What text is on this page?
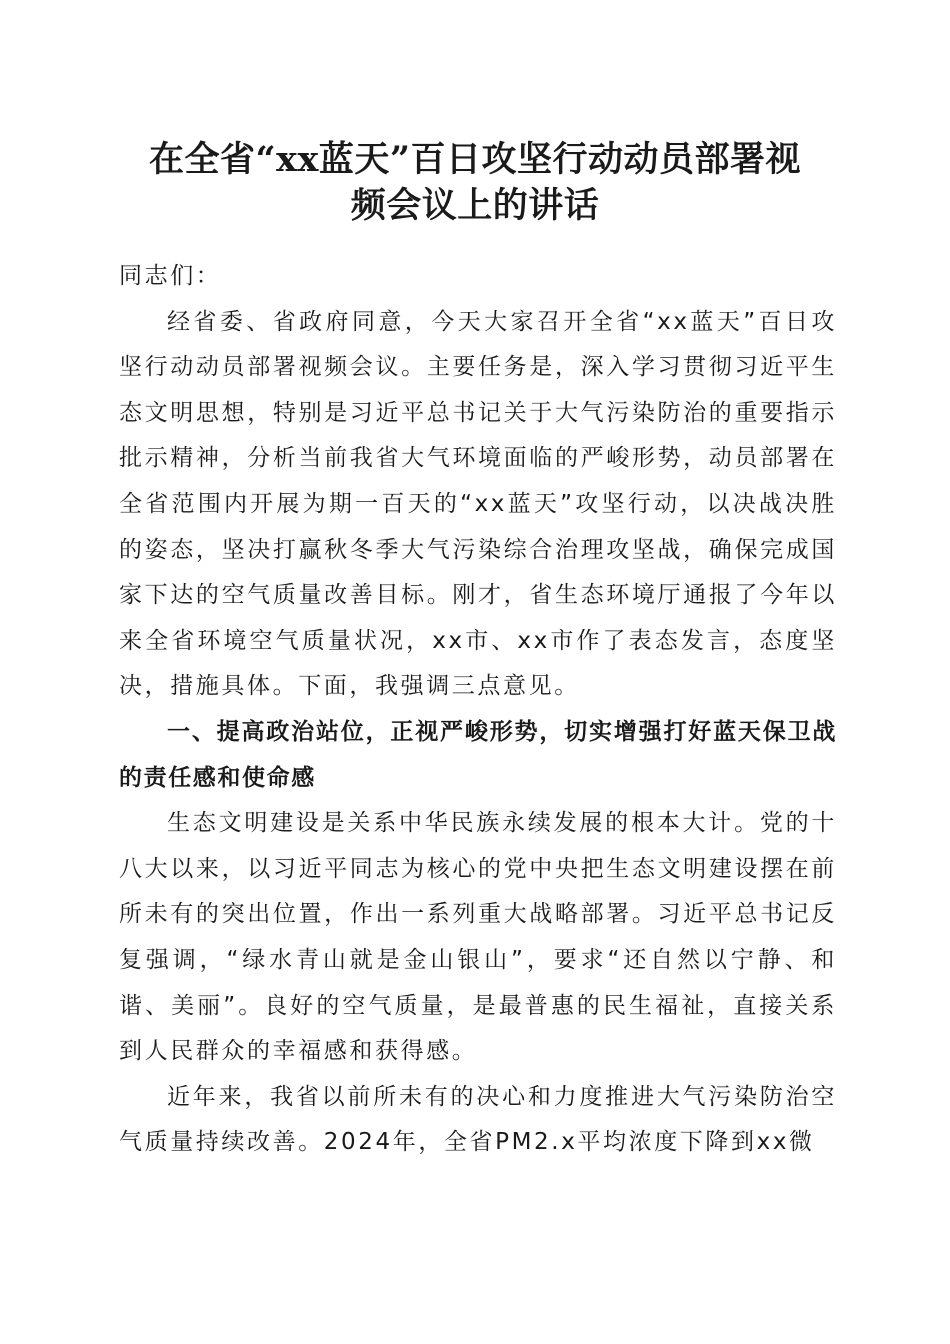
在全省“xx蓝天”百日攻坚行动动员部署视
频会议上的讲话

同志们：

经省委、省政府同意，今天大家召开全省“xx蓝天”百日攻坚行动动员部署视频会议。主要任务是，深入学习贯彻习近平生态文明思想，特别是习近平总书记关于大气污染防治的重要指示批示精神，分析当前我省大气环境面临的严峻形势，动员部署在全省范围内开展为期一百天的“xx蓝天”攻坚行动，以决战决胜的姿态，坚决打赢秋冬季大气污染综合治理攻坚战，确保完成国家下达的空气质量改善目标。刚才，省生态环境厅通报了今年以来全省环境空气质量状况，xx市、xx市作了表态发言，态度坚决，措施具体。下面，我强调三点意见。

一、提高政治站位，正视严峻形势，切实增强打好蓝天保卫战的责任感和使命感

生态文明建设是关系中华民族永续发展的根本大计。党的十八大以来，以习近平同志为核心的党中央把生态文明建设摆在前所未有的突出位置，作出一系列重大战略部署。习近平总书记反复强调，“绿水青山就是金山银山”，要求“还自然以宁静、和谐、美丽”。良好的空气质量，是最普惠的民生福祉，直接关系到人民群众的幸福感和获得感。

近年来，我省以前所未有的决心和力度推进大气污染防治空气质量持续改善。2024年，全省PM2.x平均浓度下降到xx微
